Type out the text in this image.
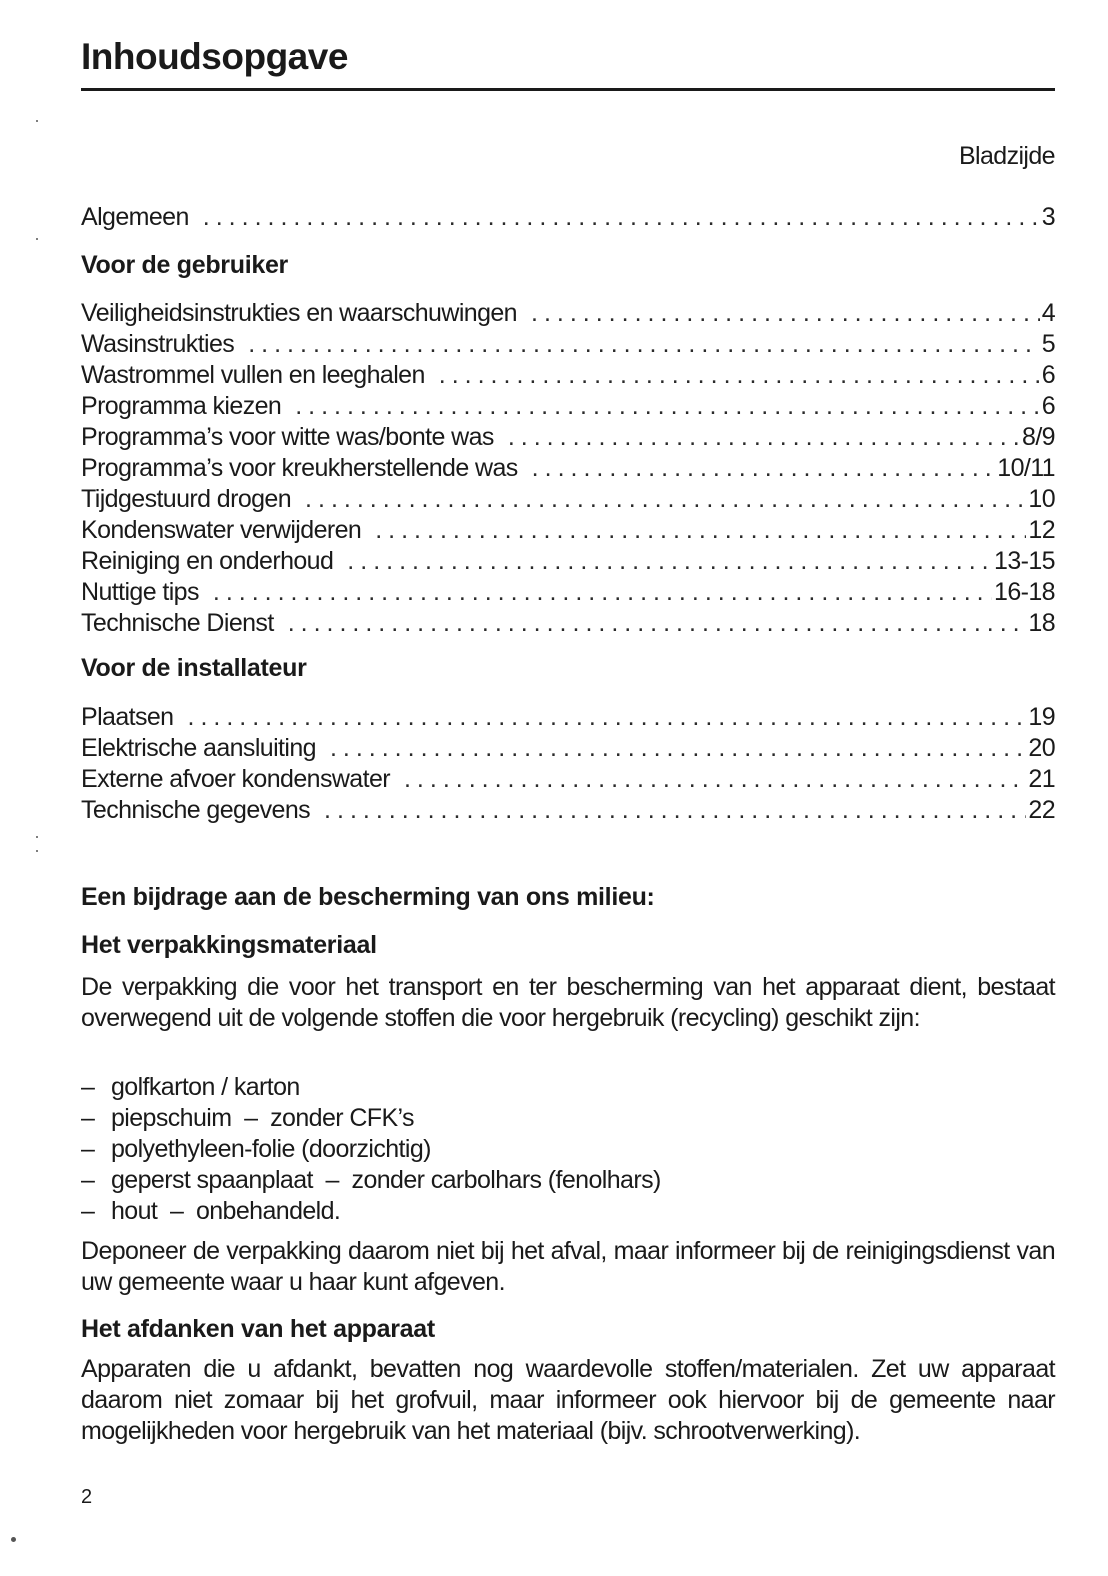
Inhoudsopgave
Bladzijde
Algemeen .....	3
Voor de gebruiker
Veiligheidsinstrukties en waarschuwingen .....	4
Wasinstrukties .....	5
Wastrommel vullen en leeghalen .....	6
Programma kiezen .....	6
Programma’s voor witte was/bonte was .....	8/9
Programma’s voor kreukherstellende was .....	10/11
Tijdgestuurd drogen .....	10
Kondenswater verwijderen .....	12
Reiniging en onderhoud .....	13-15
Nuttige tips .....	16-18
Technische Dienst .....	18
Voor de installateur
Plaatsen .....	19
Elektrische aansluiting .....	20
Externe afvoer kondenswater .....	21
Technische gegevens .....	22
Een bijdrage aan de bescherming van ons milieu:
Het verpakkingsmateriaal

De verpakking die voor het transport en ter bescherming van het apparaat dient, bestaat overwegend uit de volgende stoffen die voor hergebruik (recycling) geschikt zijn:

– golfkarton / karton
– piepschuim  –  zonder CFK’s
– polyethyleen-folie (doorzichtig)
– geperst spaanplaat  –  zonder carbolhars (fenolhars)
– hout  –  onbehandeld.

Deponeer de verpakking daarom niet bij het afval, maar informeer bij de reinigingsdienst van uw gemeente waar u haar kunt afgeven.

Het afdanken van het apparaat

Apparaten die u afdankt, bevatten nog waardevolle stoffen/materialen. Zet uw apparaat daarom niet zomaar bij het grofvuil, maar informeer ook hiervoor bij de gemeente naar mogelijkheden voor hergebruik van het materiaal (bijv. schrootverwerking).

2
